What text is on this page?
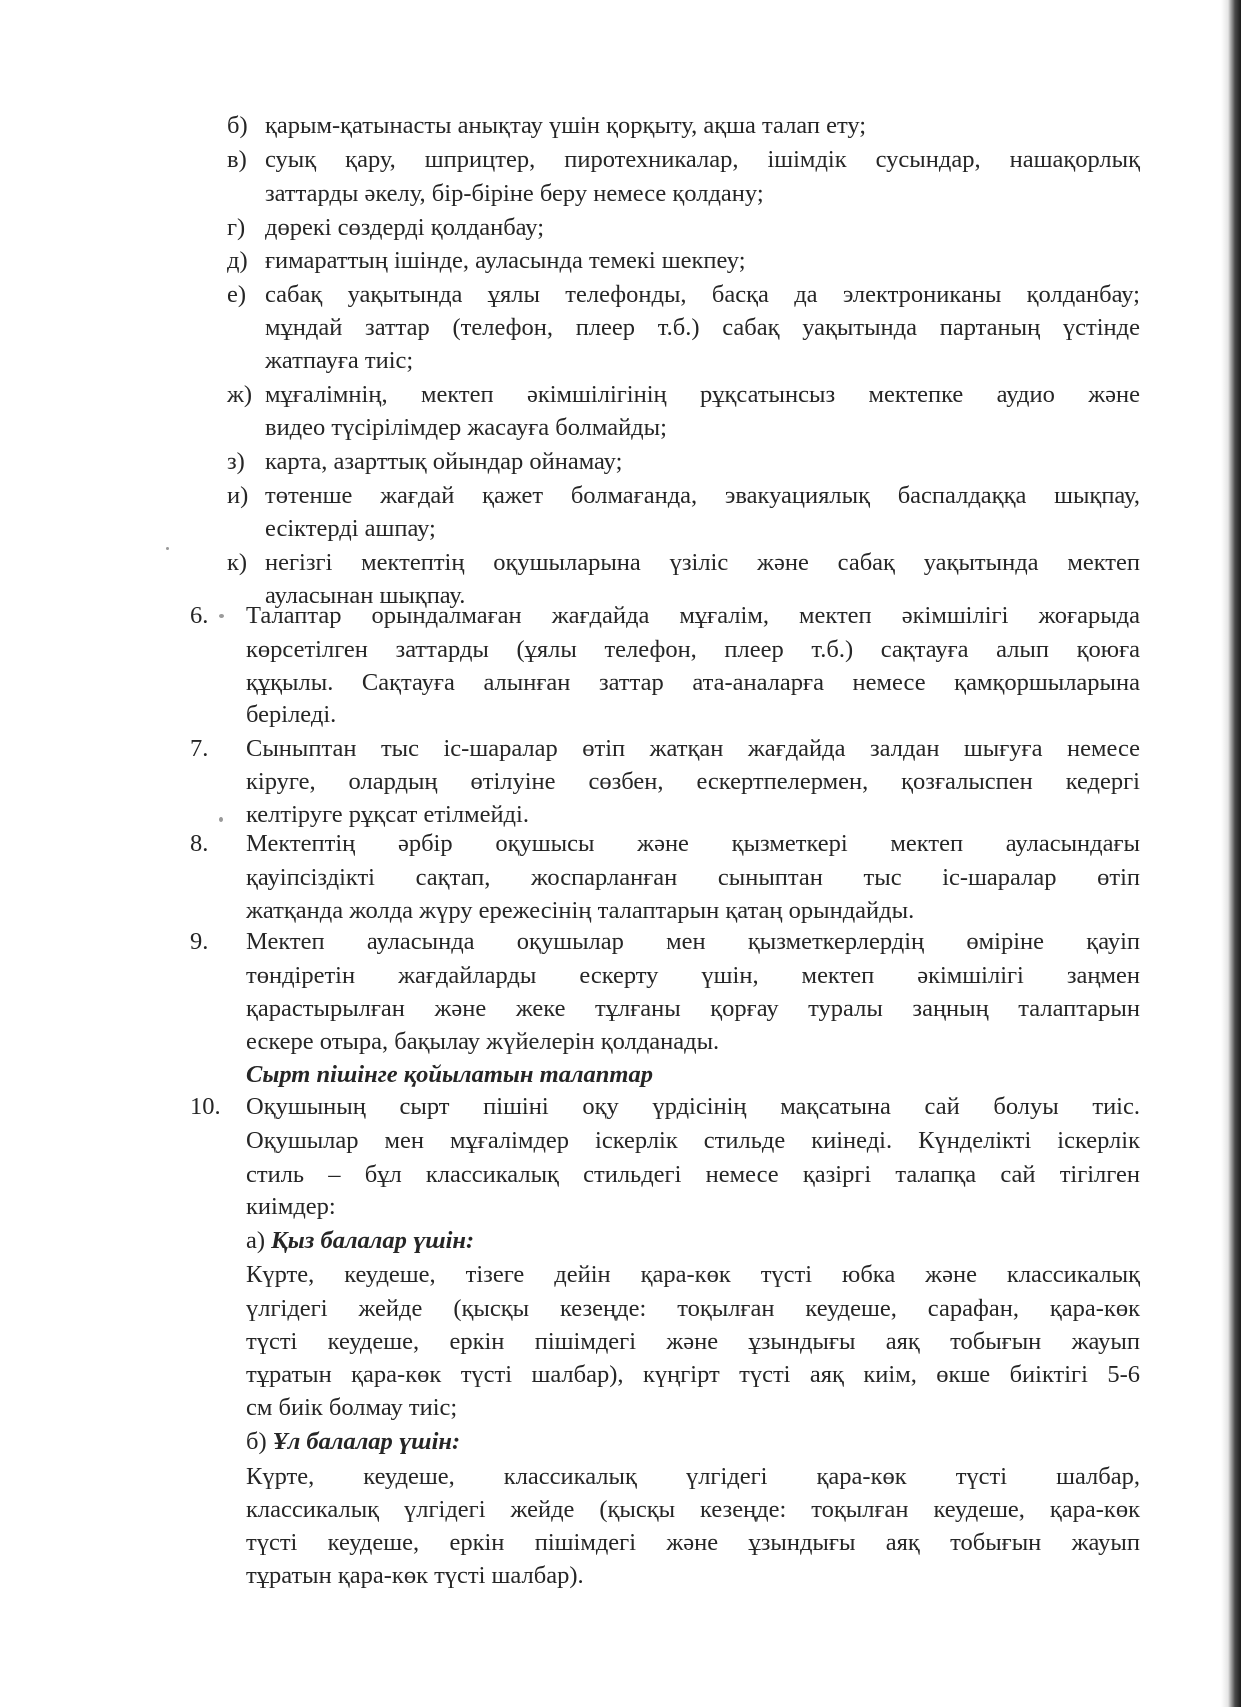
б) қарым-қатынасты анықтау үшін қорқыту, ақша талап ету;
в) суық қару, шприцтер, пиротехникалар, ішімдік сусындар, нашақорлық
заттарды әкелу, бір-біріне беру немесе қолдану;
г) дөрекі сөздерді қолданбау;
д) ғимараттың ішінде, ауласында темекі шекпеу;
е) сабақ уақытында ұялы телефонды, басқа да электрониканы қолданбау;
мұндай заттар (телефон, плеер т.б.) сабақ уақытында партаның үстінде
жатпауға тиіс;
ж) мұғалімнің, мектеп әкімшілігінің рұқсатынсыз мектепке аудио және
видео түсірілімдер жасауға болмайды;
з) карта, азарттық ойындар ойнамау;
и) төтенше жағдай қажет болмағанда, эвакуациялық баспалдаққа шықпау,
есіктерді ашпау;
к) негізгі мектептің оқушыларына үзіліс және сабақ уақытында мектеп
ауласынан шықпау.
6. Талаптар орындалмаған жағдайда мұғалім, мектеп әкімшілігі жоғарыда
көрсетілген заттарды (ұялы телефон, плеер т.б.) сақтауға алып қоюға
құқылы. Сақтауға алынған заттар ата-аналарға немесе қамқоршыларына
беріледі.
7. Сыныптан тыс іс-шаралар өтіп жатқан жағдайда залдан шығуға немесе
кіруге, олардың өтілуіне сөзбен, ескертпелермен, қозғалыспен кедергі
келтіруге рұқсат етілмейді.
8. Мектептің әрбір оқушысы және қызметкері мектеп ауласындағы
қауіпсіздікті сақтап, жоспарланған сыныптан тыс іс-шаралар өтіп
жатқанда жолда жүру ережесінің талаптарын қатаң орындайды.
9. Мектеп ауласында оқушылар мен қызметкерлердің өміріне қауіп
төндіретін жағдайларды ескерту үшін, мектеп әкімшілігі заңмен
қарастырылған және жеке тұлғаны қорғау туралы заңның талаптарын
ескере отыра, бақылау жүйелерін қолданады.
Сырт пішінге қойылатын талаптар
10. Оқушының сырт пішіні оқу үрдісінің мақсатына сай болуы тиіс.
Оқушылар мен мұғалімдер іскерлік стильде киінеді. Күнделікті іскерлік
стиль – бұл классикалық стильдегі немесе қазіргі талапқа сай тігілген
киімдер:
а) Қыз балалар үшін:
Күрте, кеудеше, тізеге дейін қара-көк түсті юбка және классикалық
үлгідегі жейде (қысқы кезеңде: тоқылған кеудеше, сарафан, қара-көк
түсті кеудеше, еркін пішімдегі және ұзындығы аяқ тобығын жауып
тұратын қара-көк түсті шалбар), күңгірт түсті аяқ киім, өкше биіктігі 5-6
см биік болмау тиіс;
б) Ұл балалар үшін:
Күрте, кеудеше, классикалық үлгідегі қара-көк түсті шалбар,
классикалық үлгідегі жейде (қысқы кезеңде: тоқылған кеудеше, қара-көк
түсті кеудеше, еркін пішімдегі және ұзындығы аяқ тобығын жауып
тұратын қара-көк түсті шалбар).
